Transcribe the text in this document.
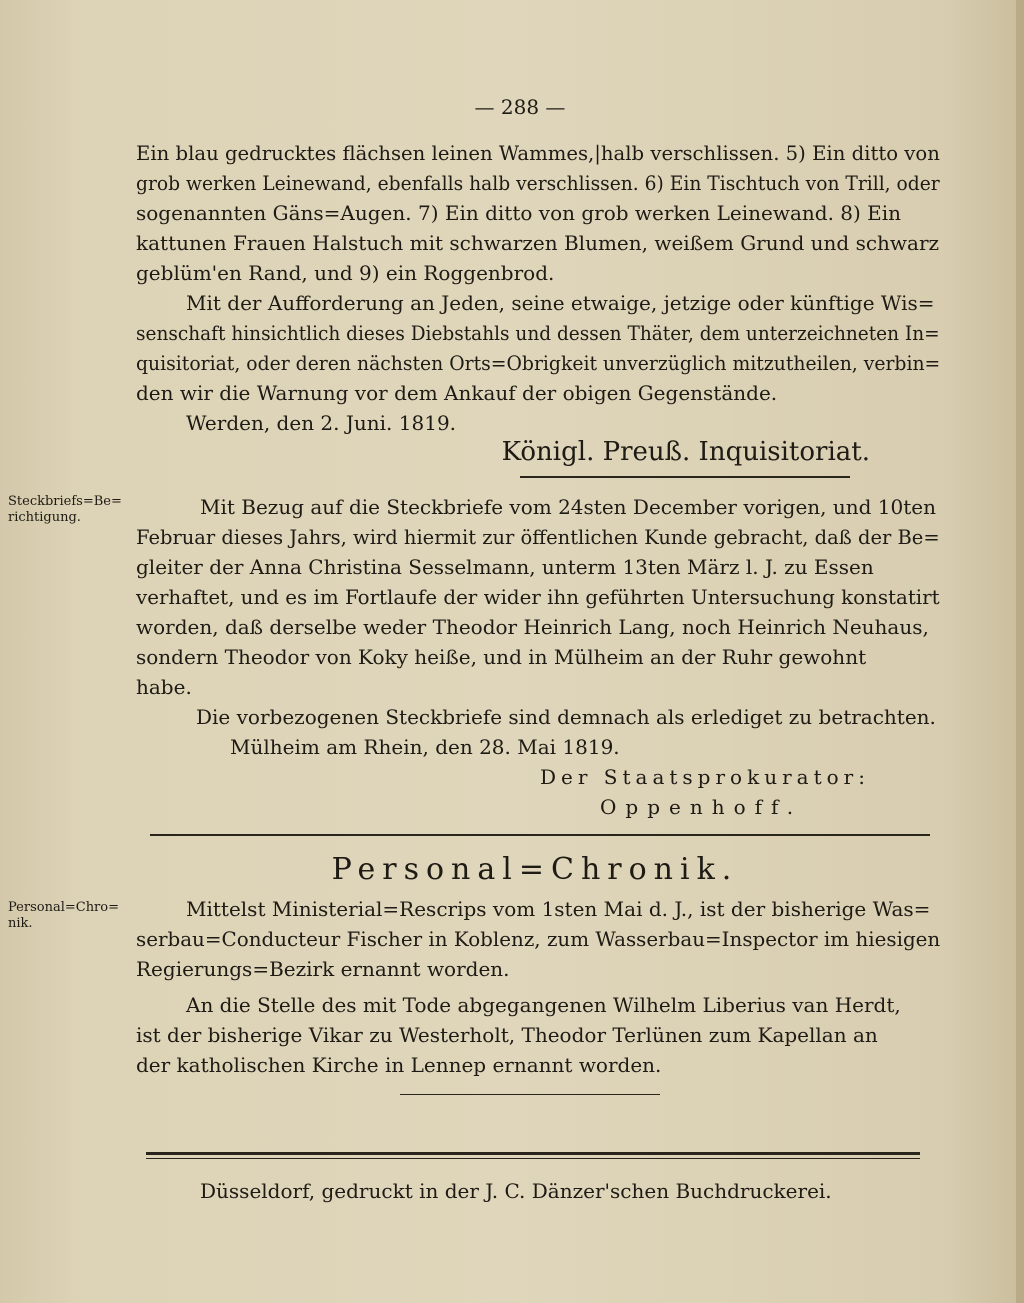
— 288 —

Ein blau gedrucktes flächsen leinen Wammes,|halb verschlissen. 5) Ein ditto von

grob werken Leinewand, ebenfalls halb verschlissen. 6) Ein Tischtuch von Trill, oder

sogenannten Gäns=Augen. 7) Ein ditto von grob werken Leinewand. 8) Ein

kattunen Frauen Halstuch mit schwarzen Blumen, weißem Grund und schwarz

geblüm'en Rand, und 9) ein Roggenbrod.

Mit der Aufforderung an Jeden, seine etwaige, jetzige oder künftige Wis=

senschaft hinsichtlich dieses Diebstahls und dessen Thäter, dem unterzeichneten In=

quisitoriat, oder deren nächsten Orts=Obrigkeit unverzüglich mitzutheilen, verbin=

den wir die Warnung vor dem Ankauf der obigen Gegenstände.

Werden, den 2. Juni. 1819.

Königl. Preuß. Inquisitoriat.

Steckbriefs=Be=

richtigung.	Mit Bezug auf die Steckbriefe vom 24sten December vorigen, und 10ten

Februar dieses Jahrs, wird hiermit zur öffentlichen Kunde gebracht, daß der Be=

gleiter der Anna Christina Sesselmann, unterm 13ten März l. J. zu Essen

verhaftet, und es im Fortlaufe der wider ihn geführten Untersuchung konstatirt

worden, daß derselbe weder Theodor Heinrich Lang, noch Heinrich Neuhaus,

sondern Theodor von Koky heiße, und in Mülheim an der Ruhr gewohnt

habe.

Die vorbezogenen Steckbriefe sind demnach als erlediget zu betrachten.

Mülheim am Rhein, den 28. Mai 1819.

Der Staatsprokurator:

Oppenhoff.

Personal=Chronik.

Personal=Chro=

nik.

Mittelst Ministerial=Rescrips vom 1sten Mai d. J., ist der bisherige Was=

serbau=Conducteur Fischer in Koblenz, zum Wasserbau=Inspector im hiesigen

Regierungs=Bezirk ernannt worden.

An die Stelle des mit Tode abgegangenen Wilhelm Liberius van Herdt,

ist der bisherige Vikar zu Westerholt, Theodor Terlünen zum Kapellan an

der katholischen Kirche in Lennep ernannt worden.

Düsseldorf, gedruckt in der J. C. Dänzer'schen Buchdruckerei.
